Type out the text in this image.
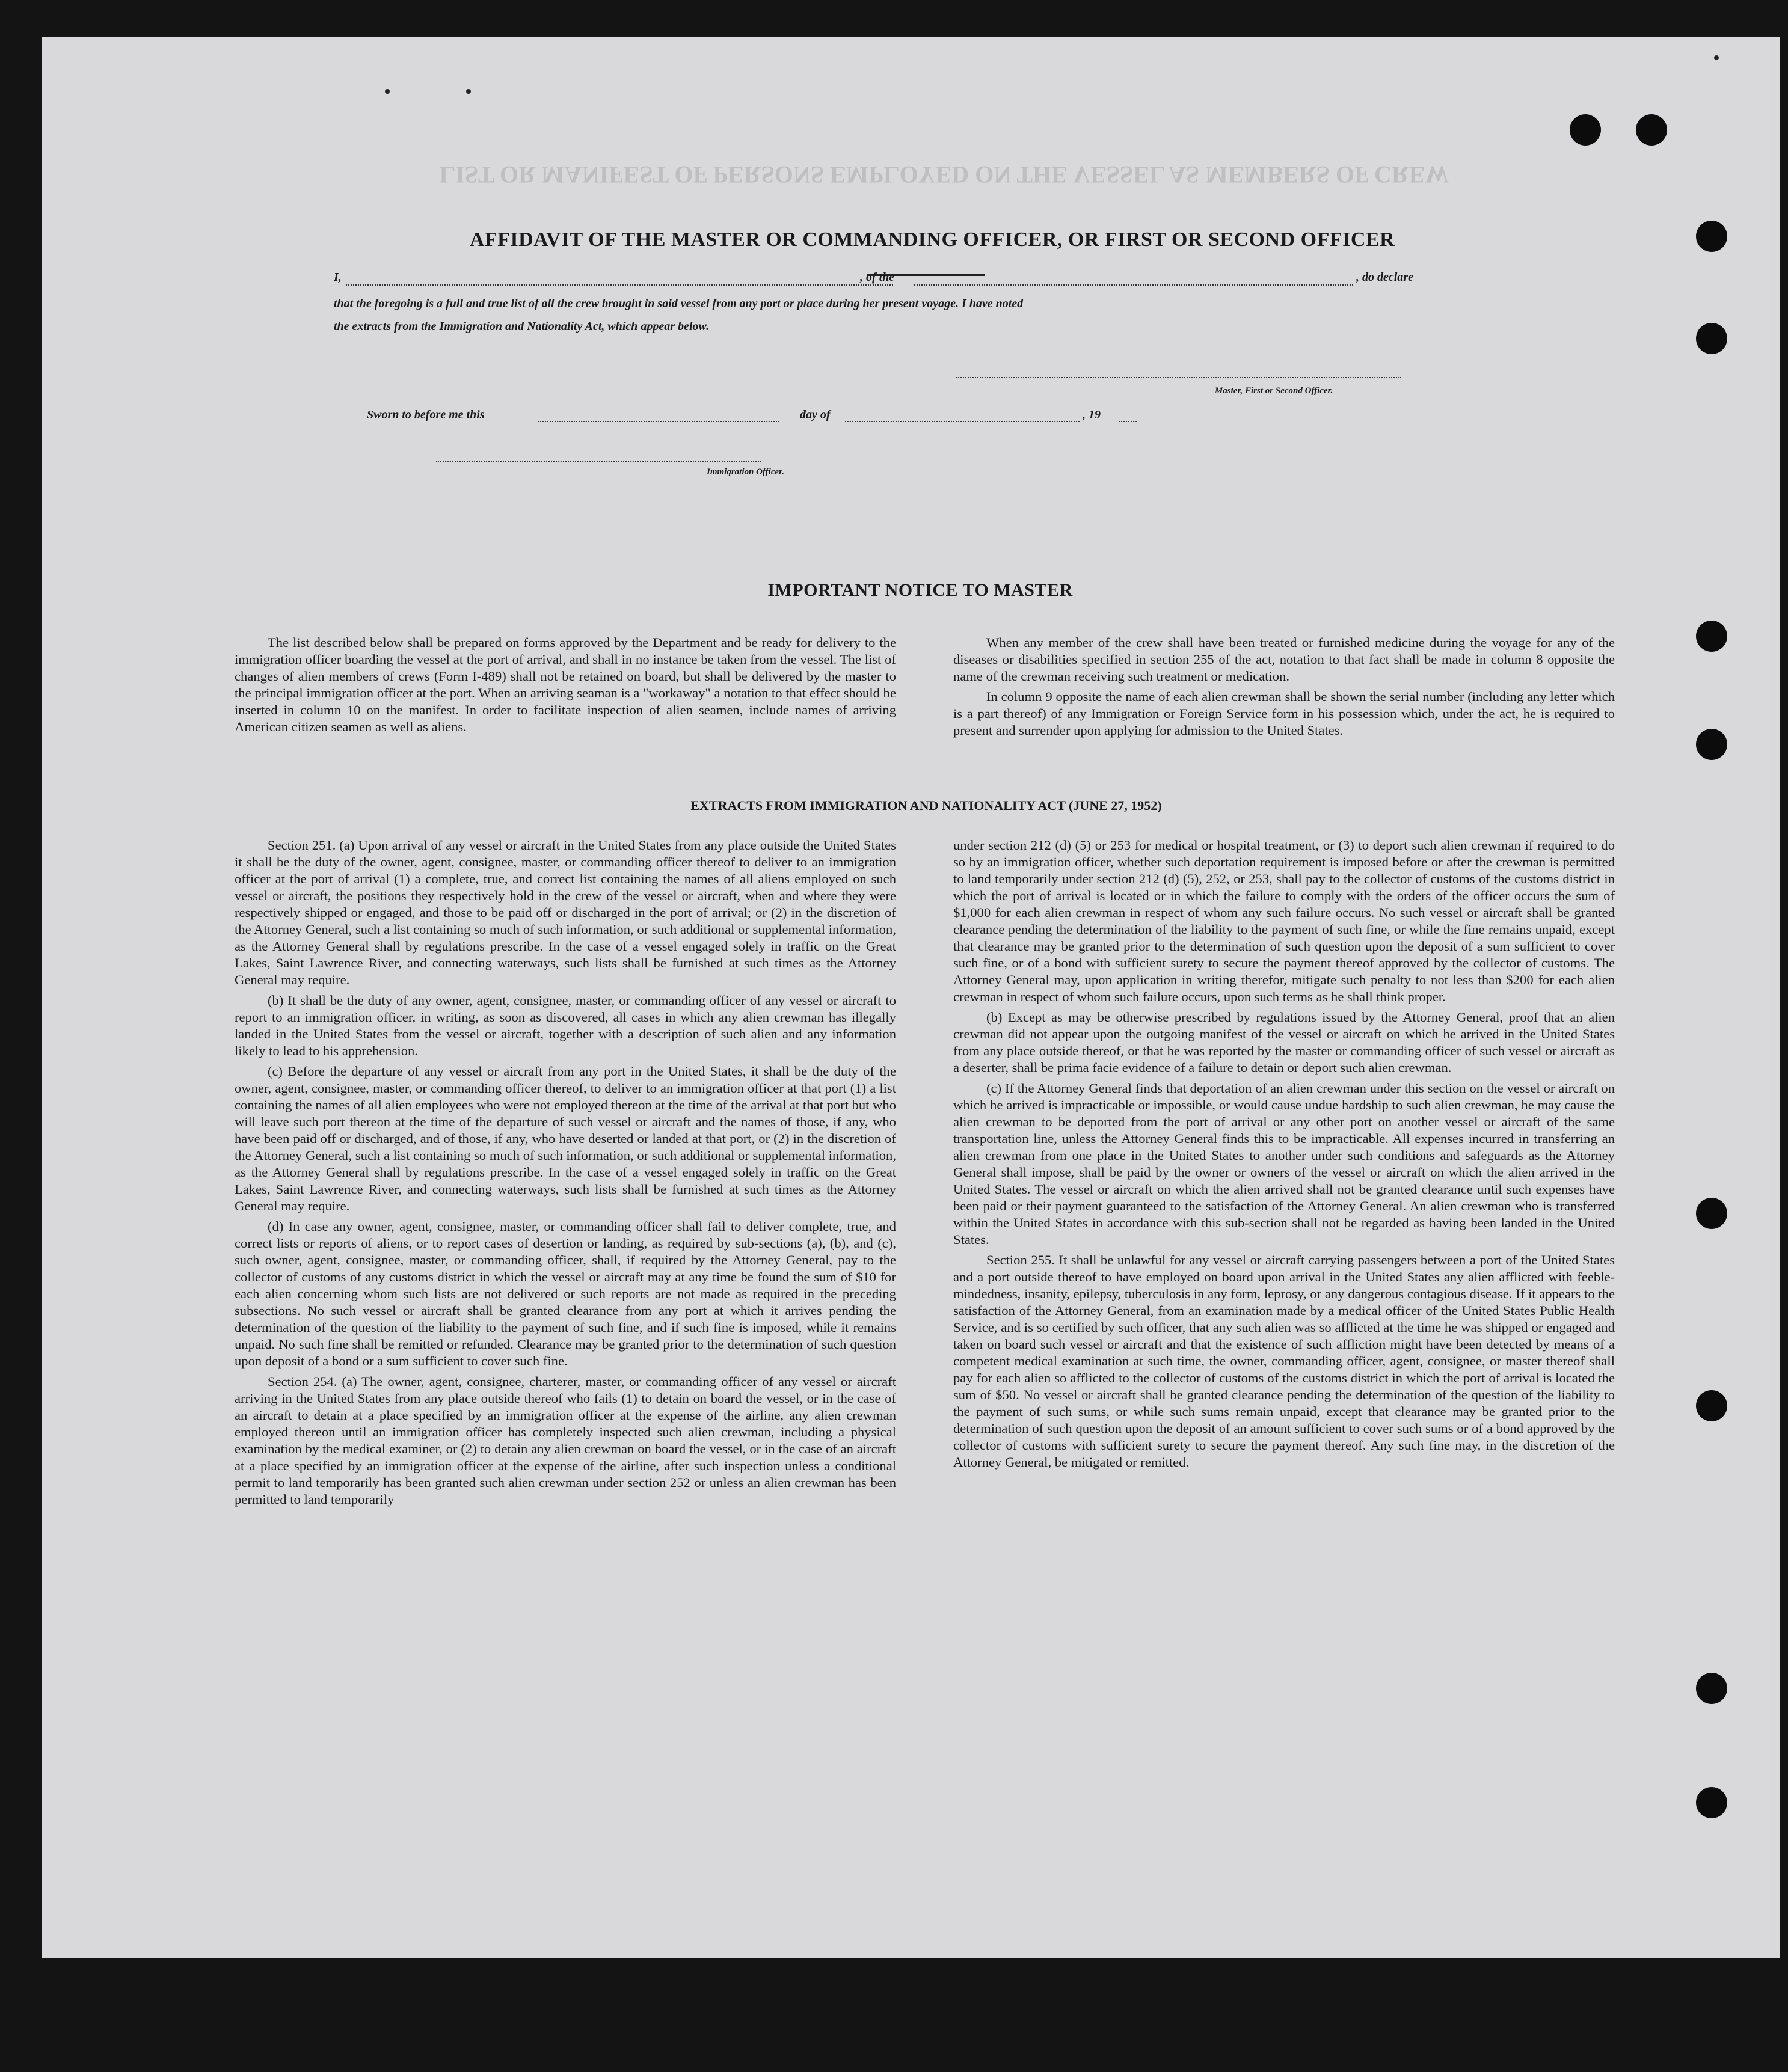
LIST OR MANIFEST OF PERSONS EMPLOYED ON THE VESSEL AS MEMBERS OF CREW
AFFIDAVIT OF THE MASTER OR COMMANDING OFFICER, OR FIRST OR SECOND OFFICER
I,	, of the	, do declare
that the foregoing is a full and true list of all the crew brought in said vessel from any port or place during her present voyage. I have noted
the extracts from the Immigration and Nationality Act, which appear below.
Master, First or Second Officer.
Sworn to before me this	day of	, 19
Immigration Officer.
IMPORTANT NOTICE TO MASTER

The list described below shall be prepared on forms approved by the Department and be ready for delivery to the immigration officer boarding the vessel at the port of arrival, and shall in no instance be taken from the vessel. The list of changes of alien members of crews (Form I-489) shall not be retained on board, but shall be delivered by the master to the principal immigration officer at the port. When an arriving seaman is a "workaway" a notation to that effect should be inserted in column 10 on the manifest. In order to facilitate inspection of alien seamen, include names of arriving American citizen seamen as well as aliens.

When any member of the crew shall have been treated or furnished medicine during the voyage for any of the diseases or disabilities specified in section 255 of the act, notation to that fact shall be made in column 8 opposite the name of the crewman receiving such treatment or medication.

In column 9 opposite the name of each alien crewman shall be shown the serial number (including any letter which is a part thereof) of any Immigration or Foreign Service form in his possession which, under the act, he is required to present and surrender upon applying for admission to the United States.

EXTRACTS FROM IMMIGRATION AND NATIONALITY ACT (JUNE 27, 1952)

Section 251. (a) Upon arrival of any vessel or aircraft in the United States from any place outside the United States it shall be the duty of the owner, agent, consignee, master, or commanding officer thereof to deliver to an immigration officer at the port of arrival (1) a complete, true, and correct list containing the names of all aliens employed on such vessel or aircraft, the positions they respectively hold in the crew of the vessel or aircraft, when and where they were respectively shipped or engaged, and those to be paid off or discharged in the port of arrival; or (2) in the discretion of the Attorney General, such a list containing so much of such information, or such additional or supplemental information, as the Attorney General shall by regulations prescribe. In the case of a vessel engaged solely in traffic on the Great Lakes, Saint Lawrence River, and connecting waterways, such lists shall be furnished at such times as the Attorney General may require.

(b) It shall be the duty of any owner, agent, consignee, master, or commanding officer of any vessel or aircraft to report to an immigration officer, in writing, as soon as discovered, all cases in which any alien crewman has illegally landed in the United States from the vessel or aircraft, together with a description of such alien and any information likely to lead to his apprehension.

(c) Before the departure of any vessel or aircraft from any port in the United States, it shall be the duty of the owner, agent, consignee, master, or commanding officer thereof, to deliver to an immigration officer at that port (1) a list containing the names of all alien employees who were not employed thereon at the time of the arrival at that port but who will leave such port thereon at the time of the departure of such vessel or aircraft and the names of those, if any, who have been paid off or discharged, and of those, if any, who have deserted or landed at that port, or (2) in the discretion of the Attorney General, such a list containing so much of such information, or such additional or supplemental information, as the Attorney General shall by regulations prescribe. In the case of a vessel engaged solely in traffic on the Great Lakes, Saint Lawrence River, and connecting waterways, such lists shall be furnished at such times as the Attorney General may require.

(d) In case any owner, agent, consignee, master, or commanding officer shall fail to deliver complete, true, and correct lists or reports of aliens, or to report cases of desertion or landing, as required by sub-sections (a), (b), and (c), such owner, agent, consignee, master, or commanding officer, shall, if required by the Attorney General, pay to the collector of customs of any customs district in which the vessel or aircraft may at any time be found the sum of $10 for each alien concerning whom such lists are not delivered or such reports are not made as required in the preceding subsections. No such vessel or aircraft shall be granted clearance from any port at which it arrives pending the determination of the question of the liability to the payment of such fine, and if such fine is imposed, while it remains unpaid. No such fine shall be remitted or refunded. Clearance may be granted prior to the determination of such question upon deposit of a bond or a sum sufficient to cover such fine.

Section 254. (a) The owner, agent, consignee, charterer, master, or commanding officer of any vessel or aircraft arriving in the United States from any place outside thereof who fails (1) to detain on board the vessel, or in the case of an aircraft to detain at a place specified by an immigration officer at the expense of the airline, any alien crewman employed thereon until an immigration officer has completely inspected such alien crewman, including a physical examination by the medical examiner, or (2) to detain any alien crewman on board the vessel, or in the case of an aircraft at a place specified by an immigration officer at the expense of the airline, after such inspection unless a conditional permit to land temporarily has been granted such alien crewman under section 252 or unless an alien crewman has been permitted to land temporarily

under section 212 (d) (5) or 253 for medical or hospital treatment, or (3) to deport such alien crewman if required to do so by an immigration officer, whether such deportation requirement is imposed before or after the crewman is permitted to land temporarily under section 212 (d) (5), 252, or 253, shall pay to the collector of customs of the customs district in which the port of arrival is located or in which the failure to comply with the orders of the officer occurs the sum of $1,000 for each alien crewman in respect of whom any such failure occurs. No such vessel or aircraft shall be granted clearance pending the determination of the liability to the payment of such fine, or while the fine remains unpaid, except that clearance may be granted prior to the determination of such question upon the deposit of a sum sufficient to cover such fine, or of a bond with sufficient surety to secure the payment thereof approved by the collector of customs. The Attorney General may, upon application in writing therefor, mitigate such penalty to not less than $200 for each alien crewman in respect of whom such failure occurs, upon such terms as he shall think proper.

(b) Except as may be otherwise prescribed by regulations issued by the Attorney General, proof that an alien crewman did not appear upon the outgoing manifest of the vessel or aircraft on which he arrived in the United States from any place outside thereof, or that he was reported by the master or commanding officer of such vessel or aircraft as a deserter, shall be prima facie evidence of a failure to detain or deport such alien crewman.

(c) If the Attorney General finds that deportation of an alien crewman under this section on the vessel or aircraft on which he arrived is impracticable or impossible, or would cause undue hardship to such alien crewman, he may cause the alien crewman to be deported from the port of arrival or any other port on another vessel or aircraft of the same transportation line, unless the Attorney General finds this to be impracticable. All expenses incurred in transferring an alien crewman from one place in the United States to another under such conditions and safeguards as the Attorney General shall impose, shall be paid by the owner or owners of the vessel or aircraft on which the alien arrived in the United States. The vessel or aircraft on which the alien arrived shall not be granted clearance until such expenses have been paid or their payment guaranteed to the satisfaction of the Attorney General. An alien crewman who is transferred within the United States in accordance with this sub-section shall not be regarded as having been landed in the United States.

Section 255. It shall be unlawful for any vessel or aircraft carrying passengers between a port of the United States and a port outside thereof to have employed on board upon arrival in the United States any alien afflicted with feeble-mindedness, insanity, epilepsy, tuberculosis in any form, leprosy, or any dangerous contagious disease. If it appears to the satisfaction of the Attorney General, from an examination made by a medical officer of the United States Public Health Service, and is so certified by such officer, that any such alien was so afflicted at the time he was shipped or engaged and taken on board such vessel or aircraft and that the existence of such affliction might have been detected by means of a competent medical examination at such time, the owner, commanding officer, agent, consignee, or master thereof shall pay for each alien so afflicted to the collector of customs of the customs district in which the port of arrival is located the sum of $50. No vessel or aircraft shall be granted clearance pending the determination of the question of the liability to the payment of such sums, or while such sums remain unpaid, except that clearance may be granted prior to the determination of such question upon the deposit of an amount sufficient to cover such sums or of a bond approved by the collector of customs with sufficient surety to secure the payment thereof. Any such fine may, in the discretion of the Attorney General, be mitigated or remitted.
